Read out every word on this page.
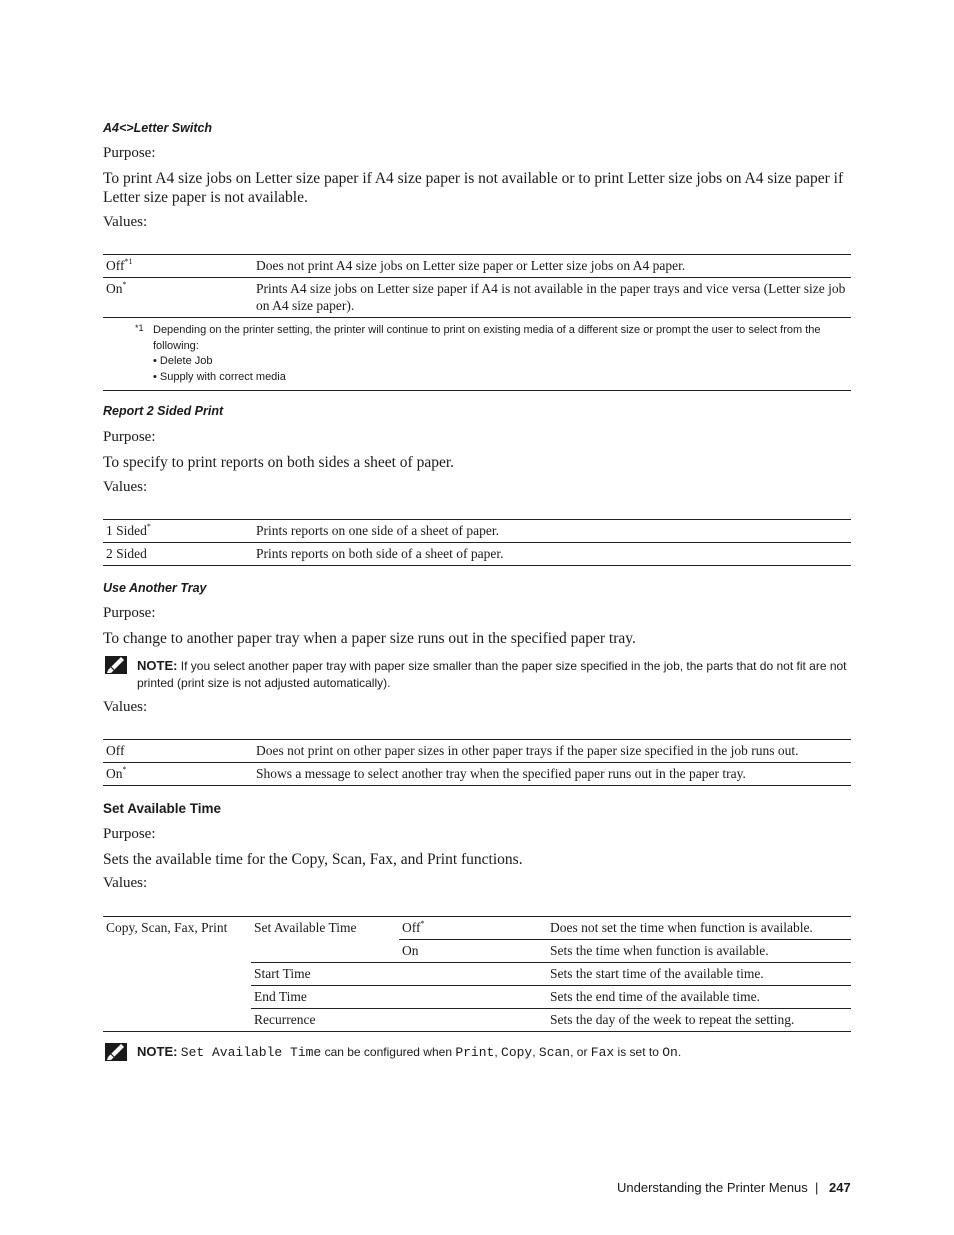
A4<>Letter Switch
Purpose:
To print A4 size jobs on Letter size paper if A4 size paper is not available or to print Letter size jobs on A4 size paper if Letter size paper is not available.
Values:
Off$^{*1}$	Does not print A4 size jobs on Letter size paper or Letter size jobs on A4 paper.
On*	Prints A4 size jobs on Letter size paper if A4 is not available in the paper trays and vice versa (Letter size job on A4 size paper).
*1 Depending on the printer setting, the printer will continue to print on existing media of a different size or prompt the user to select from the following:
• Delete Job
• Supply with correct media
Report 2 Sided Print
Purpose:
To specify to print reports on both sides a sheet of paper.
Values:
1 Sided*	Prints reports on one side of a sheet of paper.
2 Sided	Prints reports on both side of a sheet of paper.
Use Another Tray
Purpose:
To change to another paper tray when a paper size runs out in the specified paper tray.
NOTE: If you select another paper tray with paper size smaller than the paper size specified in the job, the parts that do not fit are not printed (print size is not adjusted automatically).
Values:
Off	Does not print on other paper sizes in other paper trays if the paper size specified in the job runs out.
On*	Shows a message to select another tray when the specified paper runs out in the paper tray.
Set Available Time
Purpose:
Sets the available time for the Copy, Scan, Fax, and Print functions.
Values:
Copy, Scan, Fax, Print	Set Available Time	Off*	Does not set the time when function is available.
		On	Sets the time when function is available.
	Start Time		Sets the start time of the available time.
	End Time		Sets the end time of the available time.
	Recurrence		Sets the day of the week to repeat the setting.
NOTE: Set Available Time can be configured when Print, Copy, Scan, or Fax is set to On.
Understanding the Printer Menus | 247
